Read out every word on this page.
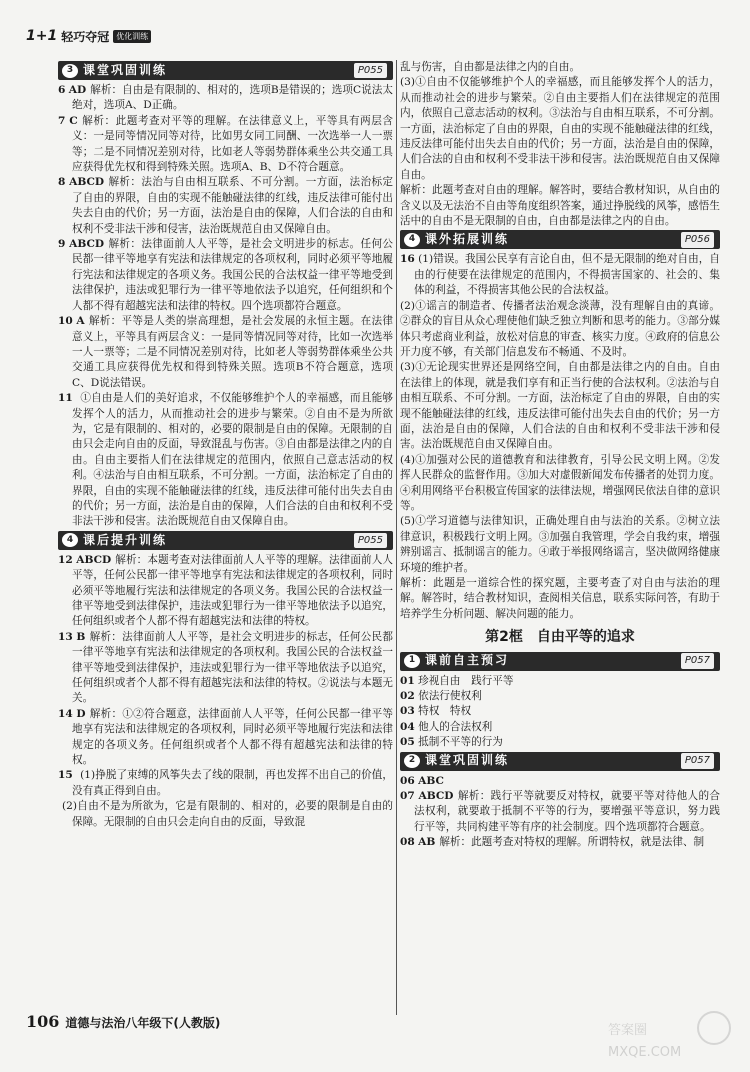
1+1 轻巧夺冠 优化训练
3 课堂巩固训练	P055
6 AD 解析：自由是有限制的、相对的，选项B是错误的；选项C说法太绝对，选项A、D正确。
7 C 解析：此题考查对平等的理解。在法律意义上，平等具有两层含义：一是同等情况同等对待，比如男女同工同酬、一次选举一人一票等；二是不同情况差别对待，比如老人等弱势群体乘坐公共交通工具应获得优先权和得到特殊关照。选项A、B、D不符合题意。
8 ABCD 解析：法治与自由相互联系、不可分割。一方面，法治标定了自由的界限，自由的实现不能触碰法律的红线，违反法律可能付出失去自由的代价；另一方面，法治是自由的保障，人们合法的自由和权利不受非法干涉和侵害，法治既规范自由又保障自由。
9 ABCD 解析：法律面前人人平等，是社会文明进步的标志。任何公民都一律平等地享有宪法和法律规定的各项权利，同时必须平等地履行宪法和法律规定的各项义务。我国公民的合法权益一律平等地受到法律保护，违法或犯罪行为一律平等地依法予以追究，任何组织和个人都不得有超越宪法和法律的特权。四个选项都符合题意。
10 A 解析：平等是人类的崇高理想，是社会发展的永恒主题。在法律意义上，平等具有两层含义：一是同等情况同等对待，比如一次选举一人一票等；二是不同情况差别对待，比如老人等弱势群体乘坐公共交通工具应获得优先权和得到特殊关照。选项B不符合题意，选项C、D说法错误。
11 ①自由是人们的美好追求，不仅能够维护个人的幸福感，而且能够发挥个人的活力，从而推动社会的进步与繁荣。②自由不是为所欲为，它是有限制的、相对的，必要的限制是自由的保障。无限制的自由只会走向自由的反面，导致混乱与伤害。③自由都是法律之内的自由。自由主要指人们在法律规定的范围内，依照自己意志活动的权利。④法治与自由相互联系，不可分割。一方面，法治标定了自由的界限，自由的实现不能触碰法律的红线，违反法律可能付出失去自由的代价；另一方面，法治是自由的保障，人们合法的自由和权利不受非法干涉和侵害。法治既规范自由又保障自由。
4 课后提升训练	P055
12 ABCD 解析：本题考查对法律面前人人平等的理解。法律面前人人平等，任何公民都一律平等地享有宪法和法律规定的各项权利，同时必须平等地履行宪法和法律规定的各项义务。我国公民的合法权益一律平等地受到法律保护，违法或犯罪行为一律平等地依法予以追究，任何组织或者个人都不得有超越宪法和法律的特权。
13 B 解析：法律面前人人平等，是社会文明进步的标志，任何公民都一律平等地享有宪法和法律规定的各项权利。我国公民的合法权益一律平等地受到法律保护，违法或犯罪行为一律平等地依法予以追究，任何组织或者个人都不得有超越宪法和法律的特权。②说法与本题无关。
14 D 解析：①②符合题意，法律面前人人平等，任何公民都一律平等地享有宪法和法律规定的各项权利，同时必须平等地履行宪法和法律规定的各项义务。任何组织或者个人都不得有超越宪法和法律的特权。
15 (1)挣脱了束缚的风筝失去了线的限制，再也发挥不出自己的价值，没有真正得到自由。
(2)自由不是为所欲为，它是有限制的、相对的，必要的限制是自由的保障。无限制的自由只会走向自由的反面，导致混
乱与伤害，自由都是法律之内的自由。
(3)①自由不仅能够维护个人的幸福感，而且能够发挥个人的活力，从而推动社会的进步与繁荣。②自由主要指人们在法律规定的范围内，依照自己意志活动的权利。③法治与自由相互联系，不可分割。一方面，法治标定了自由的界限，自由的实现不能触碰法律的红线，违反法律可能付出失去自由的代价；另一方面，法治是自由的保障，人们合法的自由和权利不受非法干涉和侵害。法治既规范自由又保障自由。
解析：此题考查对自由的理解。解答时，要结合教材知识，从自由的含义以及无法治不自由等角度组织答案，通过挣脱线的风筝，感悟生活中的自由不是无限制的自由，自由都是法律之内的自由。
4 课外拓展训练	P056
16 (1)错误。我国公民享有言论自由，但不是无限制的绝对自由，自由的行使要在法律规定的范围内，不得损害国家的、社会的、集体的利益，不得损害其他公民的合法权益。
(2)①谣言的制造者、传播者法治观念淡薄，没有理解自由的真谛。②群众的盲目从众心理使他们缺乏独立判断和思考的能力。③部分媒体只考虑商业利益，放松对信息的审查、核实力度。④政府的信息公开力度不够，有关部门信息发布不畅通、不及时。
(3)①无论现实世界还是网络空间，自由都是法律之内的自由。自由在法律上的体现，就是我们享有和正当行使的合法权利。②法治与自由相互联系、不可分割。一方面，法治标定了自由的界限，自由的实现不能触碰法律的红线，违反法律可能付出失去自由的代价；另一方面，法治是自由的保障，人们合法的自由和权利不受非法干涉和侵害。法治既规范自由又保障自由。
(4)①加强对公民的道德教育和法律教育，引导公民文明上网。②发挥人民群众的监督作用。③加大对虚假新闻发布传播者的处罚力度。④利用网络平台积极宣传国家的法律法规，增强网民依法自律的意识等。
(5)①学习道德与法律知识，正确处理自由与法治的关系。②树立法律意识，积极践行文明上网。③加强自我管理，学会自我约束，增强辨别谣言、抵制谣言的能力。④敢于举报网络谣言，坚决做网络健康环境的维护者。
解析：此题是一道综合性的探究题，主要考查了对自由与法治的理解。解答时，结合教材知识，查阅相关信息，联系实际问答，有助于培养学生分析问题、解决问题的能力。
第2框　自由平等的追求
1 课前自主预习	P057
01 珍视自由　践行平等
02 依法行使权利
03 特权　特权
04 他人的合法权利
05 抵制不平等的行为
2 课堂巩固训练	P057
06 ABC
07 ABCD 解析：践行平等就要反对特权，就要平等对待他人的合法权利，就要敢于抵制不平等的行为，要增强平等意识，努力践行平等，共同构建平等有序的社会制度。四个选项都符合题意。
08 AB 解析：此题考查对特权的理解。所谓特权，就是法律、制
106 道德与法治八年级下(人教版)	答案圈
MXQE.COM
